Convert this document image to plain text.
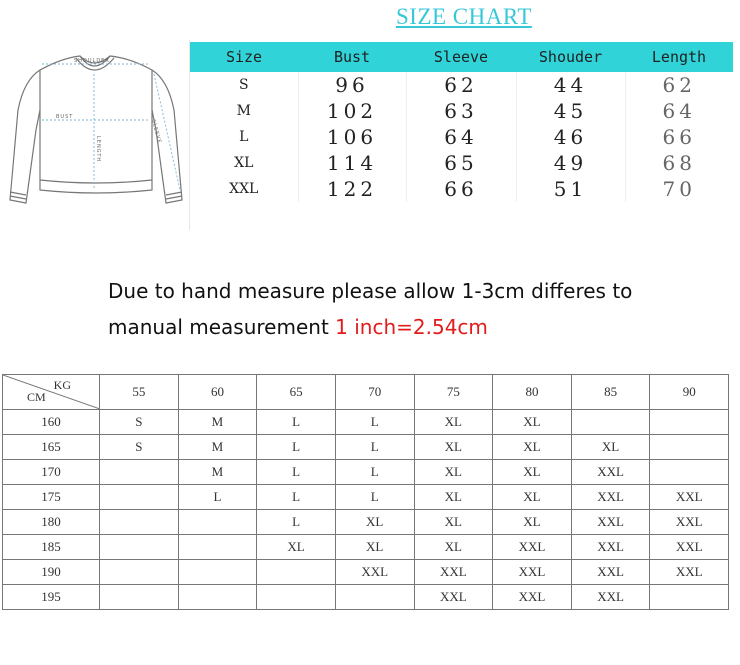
SIZE CHART
SHOULDER
BUST
LENGTH
SLEEVE
Size	Bust	Sleeve	Shouder	Length
S	96	62	44	62
M	102	63	45	64
L	106	64	46	66
XL	114	65	49	68
XXL	122	66	51	70
Due to hand measure please allow 1-3cm differes to
manual measurement 1 inch=2.54cm
KG
CM	55	60	65	70	75	80	85	90
160	S	M	L	L	XL	XL		
165	S	M	L	L	XL	XL	XL	
170		M	L	L	XL	XL	XXL	
175		L	L	L	XL	XL	XXL	XXL
180			L	XL	XL	XL	XXL	XXL
185			XL	XL	XL	XXL	XXL	XXL
190				XXL	XXL	XXL	XXL	XXL
195					XXL	XXL	XXL	
